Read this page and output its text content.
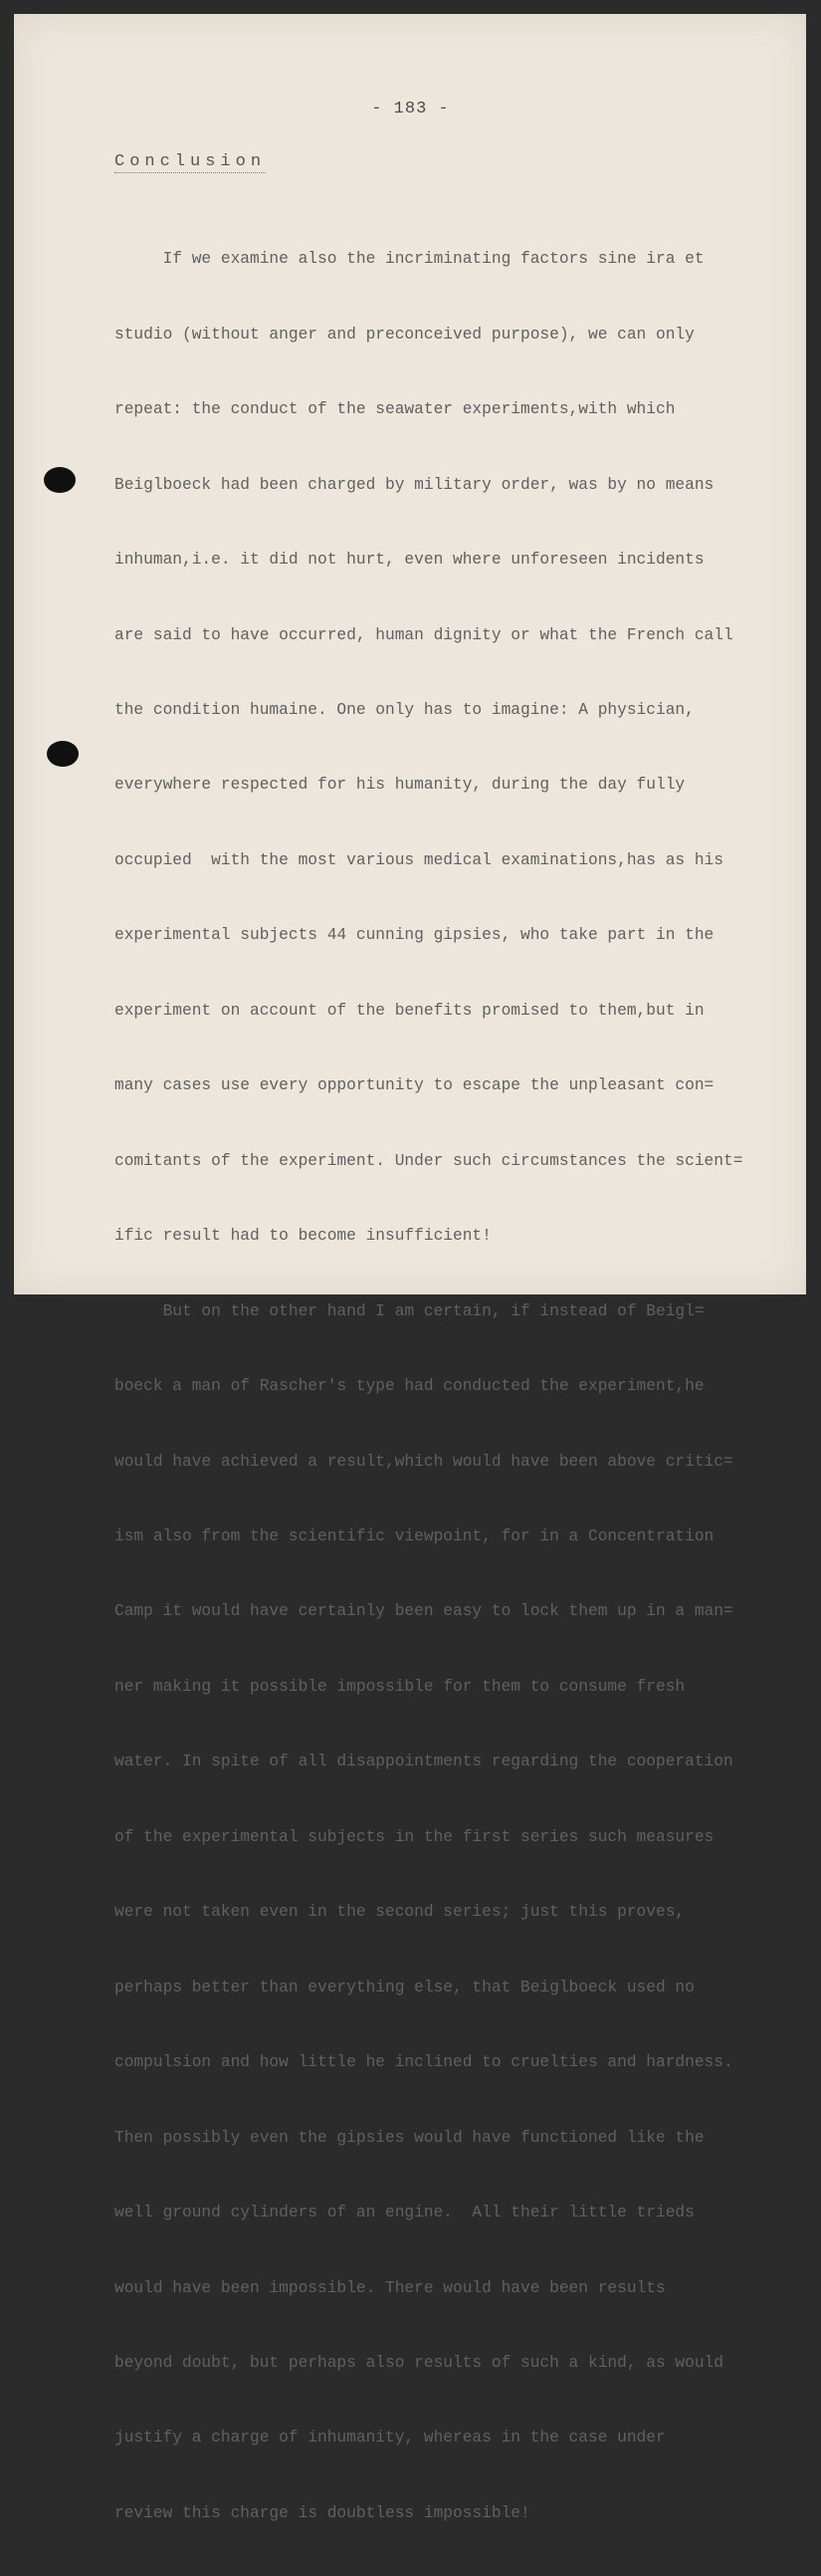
- 183 -
Conclusion

If we examine also the incriminating factors sine ira et

studio (without anger and preconceived purpose), we can only

repeat: the conduct of the seawater experiments,with which

Beiglboeck had been charged by military order, was by no means

inhuman,i.e. it did not hurt, even where unforeseen incidents

are said to have occurred, human dignity or what the French call

the condition humaine. One only has to imagine: A physician,

everywhere respected for his humanity, during the day fully

occupied  with the most various medical examinations,has as his

experimental subjects 44 cunning gipsies, who take part in the

experiment on account of the benefits promised to them,but in

many cases use every opportunity to escape the unpleasant con=

comitants of the experiment. Under such circumstances the scient=

ific result had to become insufficient!

But on the other hand I am certain, if instead of Beigl=

boeck a man of Rascher's type had conducted the experiment,he

would have achieved a result,which would have been above critic=

ism also from the scientific viewpoint, for in a Concentration

Camp it would have certainly been easy to lock them up in a man=

ner making it possible impossible for them to consume fresh

water. In spite of all disappointments regarding the cooperation

of the experimental subjects in the first series such measures

were not taken even in the second series; just this proves,

perhaps better than everything else, that Beiglboeck used no

compulsion and how little he inclined to cruelties and hardness.

Then possibly even the gipsies would have functioned like the

well ground cylinders of an engine.  All their little trieds

would have been impossible. There would have been results

beyond doubt, but perhaps also results of such a kind, as would

justify a charge of inhumanity, whereas in the case under

review this charge is doubtless impossible!
